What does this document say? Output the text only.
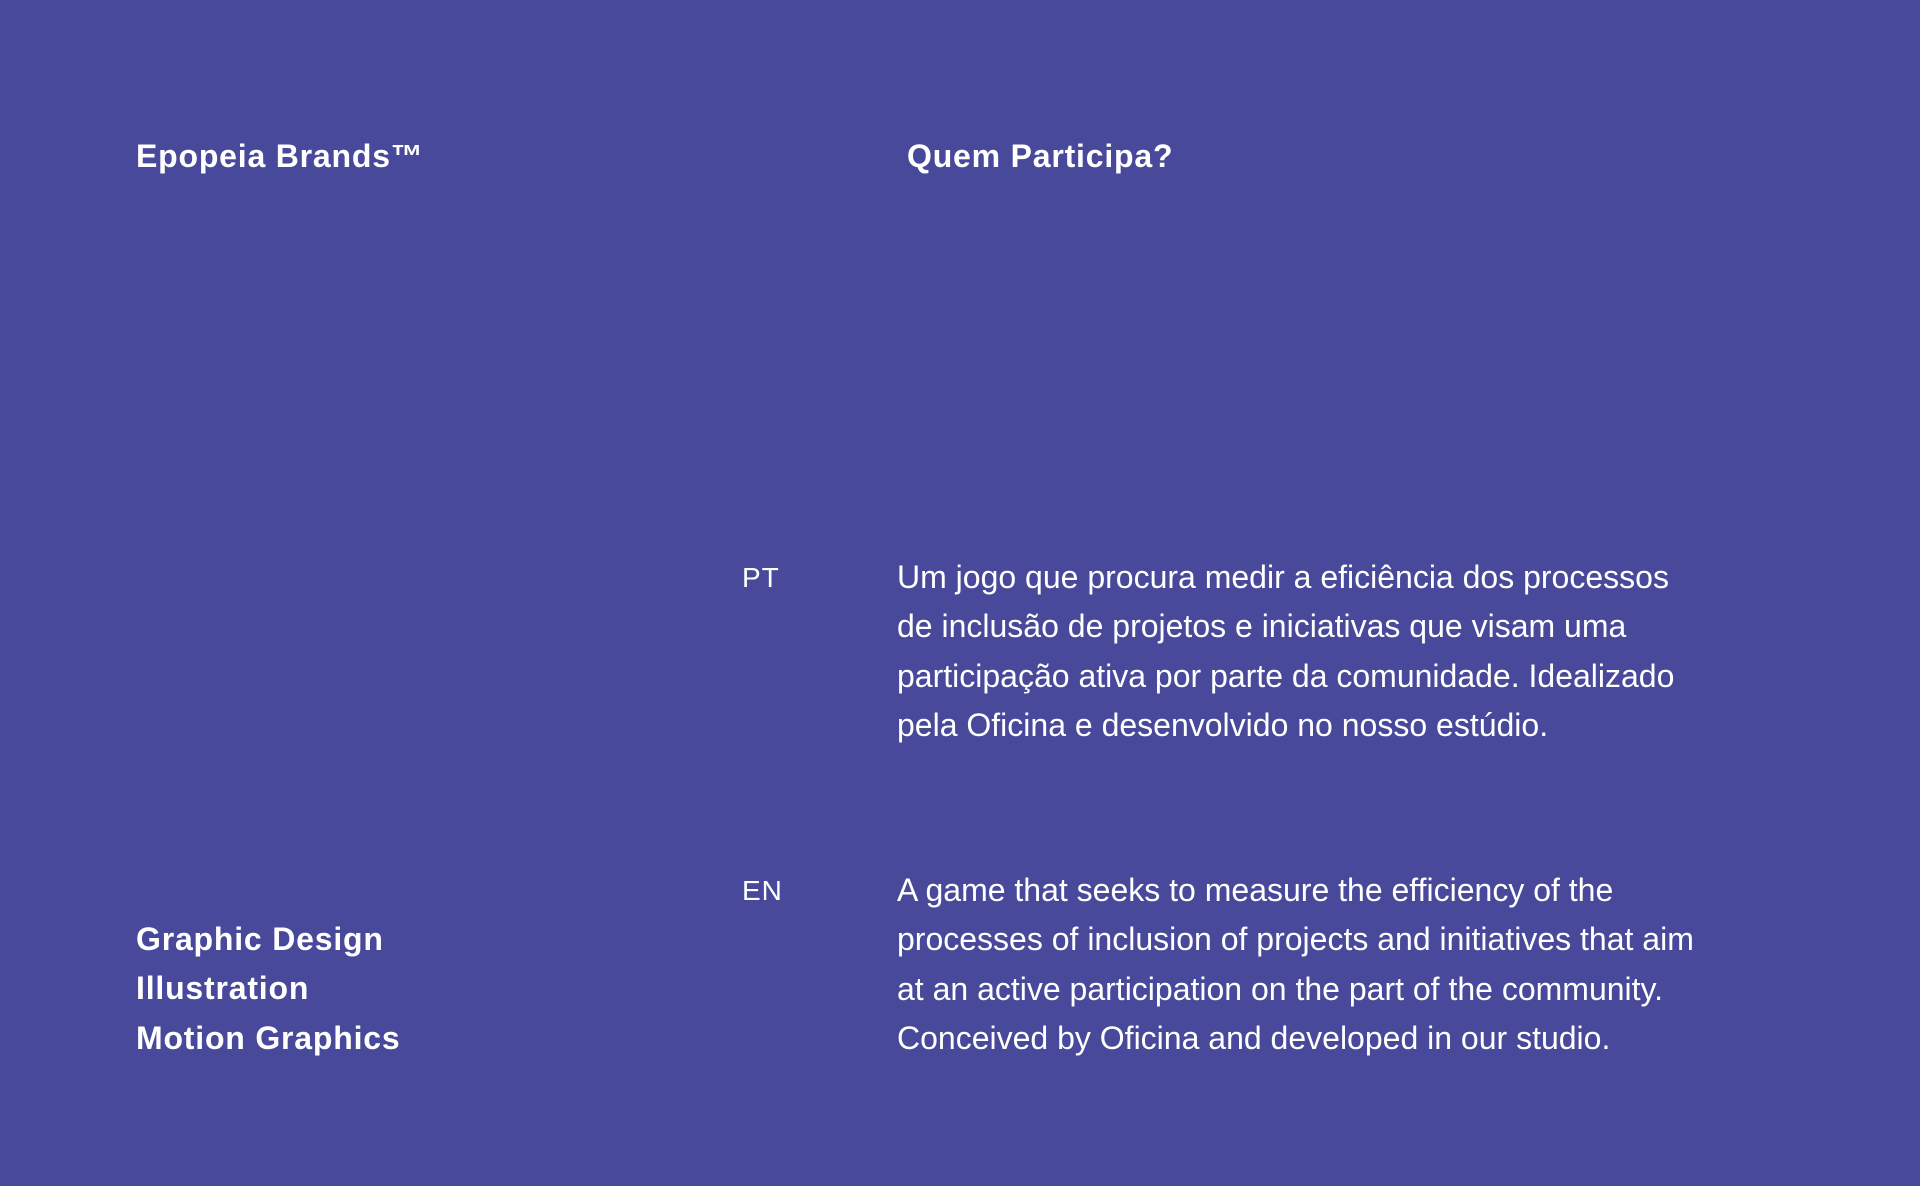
Epopeia Brands™	Quem Participa?
PT	Um jogo que procura medir a eficiência dos processos
de inclusão de projetos e iniciativas que visam uma
participação ativa por parte da comunidade. Idealizado
pela Oficina e desenvolvido no nosso estúdio.
EN	A game that seeks to measure the efficiency of the
processes of inclusion of projects and initiatives that aim
at an active participation on the part of the community.
Conceived by Oficina and developed in our studio.
Graphic Design
Illustration
Motion Graphics
